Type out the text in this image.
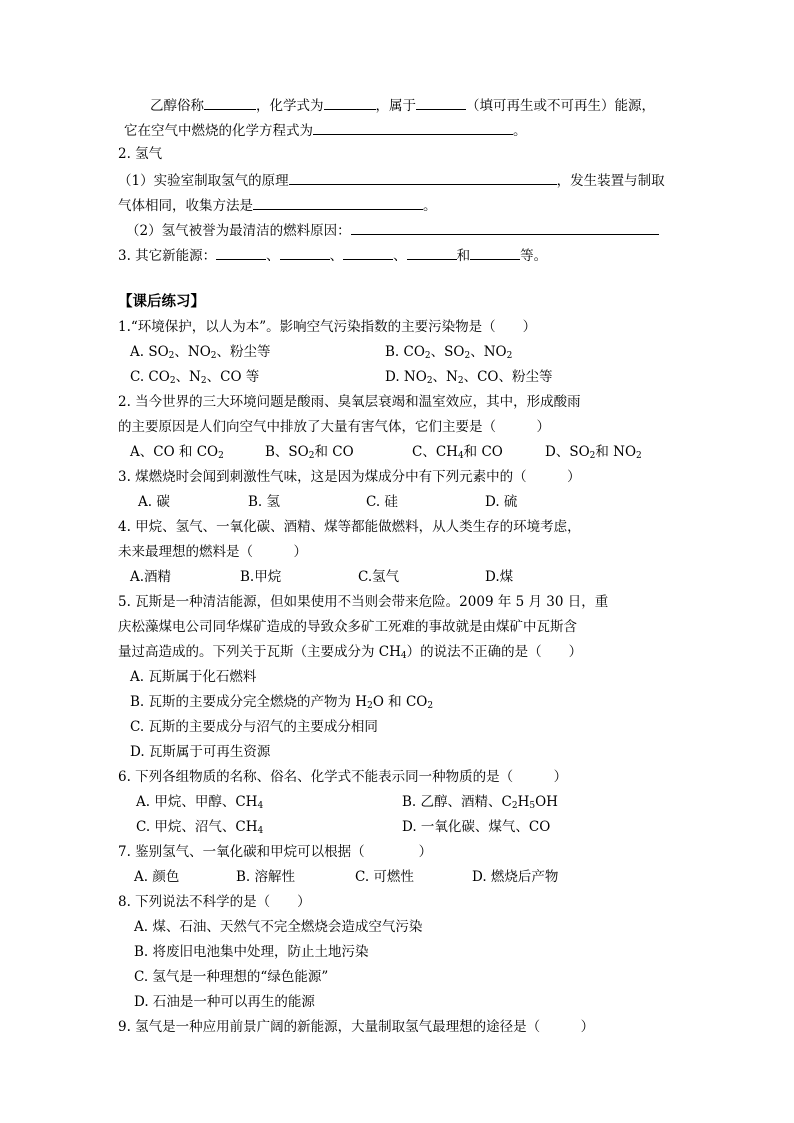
乙醇俗称	，化学式为	，属于	（填可再生或不可再生）能源，
它在空气中燃烧的化学方程式为	。
2. 氢气
（1）实验室制取氢气的原理	，发生装置与制取
气体相同，收集方法是	。
（2）氢气被誉为最清洁的燃料原因：
3. 其它新能源：	、	、	、	和	等。
【课后练习】
1.“环境保护，以人为本”。影响空气污染指数的主要污染物是（　　）
A. $SO_2$、$NO_2$、粉尘等	B. $CO_2$、$SO_2$、$NO_2$
C. $CO_2$、$N_2$、CO 等	D. $NO_2$、$N_2$、CO、粉尘等
2. 当今世界的三大环境问题是酸雨、臭氧层衰竭和温室效应，其中，形成酸雨
的主要原因是人们向空气中排放了大量有害气体，它们主要是（　　　）
A、CO 和 $CO_2$	B、$SO_2$和 CO	C、$CH_4$和 CO	D、$SO_2$和 $NO_2$
3. 煤燃烧时会闻到刺激性气味，这是因为煤成分中有下列元素中的（　　　）
A. 碳	B. 氢	C. 硅	D. 硫
4. 甲烷、氢气、一氧化碳、酒精、煤等都能做燃料，从人类生存的环境考虑，
未来最理想的燃料是（　　　）
A.酒精	B.甲烷	C.氢气	D.煤
5. 瓦斯是一种清洁能源，但如果使用不当则会带来危险。2009 年 5 月 30 日，重
庆松藻煤电公司同华煤矿造成的导致众多矿工死难的事故就是由煤矿中瓦斯含
量过高造成的。下列关于瓦斯（主要成分为 $CH_4$）的说法不正确的是（　　）
A. 瓦斯属于化石燃料
B. 瓦斯的主要成分完全燃烧的产物为 $H_2O$ 和 $CO_2$
C. 瓦斯的主要成分与沼气的主要成分相同
D. 瓦斯属于可再生资源
6. 下列各组物质的名称、俗名、化学式不能表示同一种物质的是（　　　）
A. 甲烷、甲醇、$CH_4$	B. 乙醇、酒精、$C_2H_5OH$
C. 甲烷、沼气、$CH_4$	D. 一氧化碳、煤气、CO
7. 鉴别氢气、一氧化碳和甲烷可以根据（　　　　）
A. 颜色	B. 溶解性	C. 可燃性	D. 燃烧后产物
8. 下列说法不科学的是（　　）
A. 煤、石油、天然气不完全燃烧会造成空气污染
B. 将废旧电池集中处理，防止土地污染
C. 氢气是一种理想的“绿色能源”
D. 石油是一种可以再生的能源
9. 氢气是一种应用前景广阔的新能源，大量制取氢气最理想的途径是（　　　）
